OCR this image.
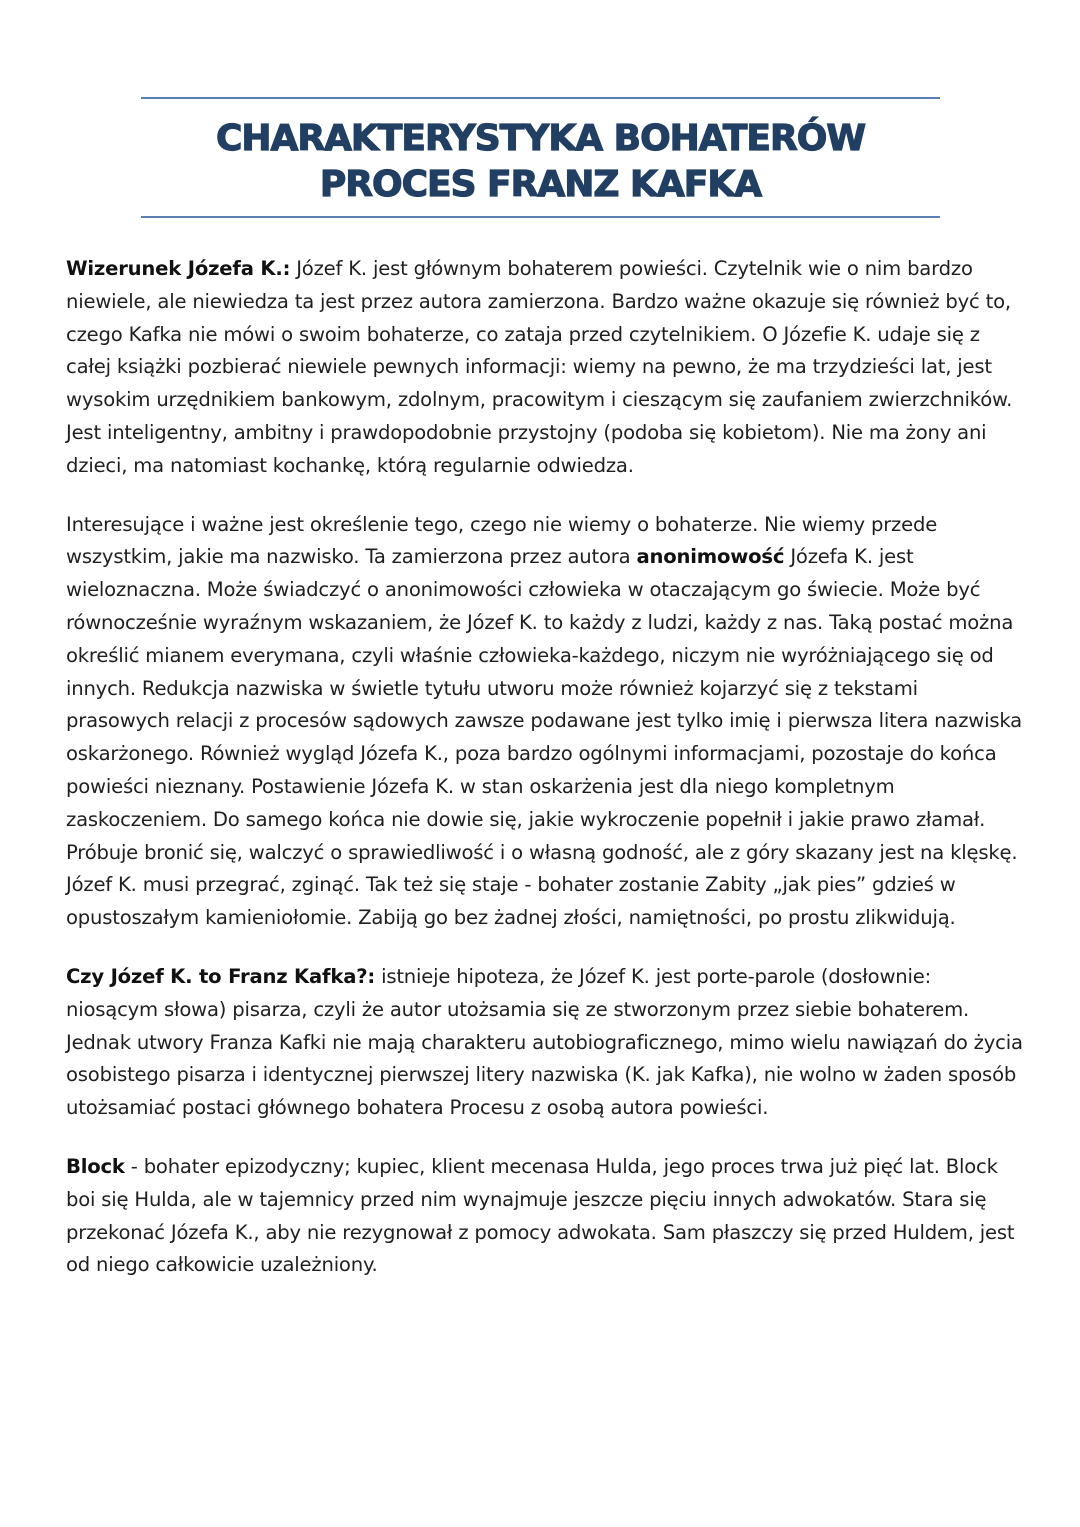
CHARAKTERYSTYKA BOHATERÓW
PROCES FRANZ KAFKA

Wizerunek Józefa K.: Józef K. jest głównym bohaterem powieści. Czytelnik wie o nim bardzo niewiele, ale niewiedza ta jest przez autora zamierzona. Bardzo ważne okazuje się również być to, czego Kafka nie mówi o swoim bohaterze, co zataja przed czytelnikiem. O Józefie K. udaje się z całej książki pozbierać niewiele pewnych informacji: wiemy na pewno, że ma trzydzieści lat, jest wysokim urzędnikiem bankowym, zdolnym, pracowitym i cieszącym się zaufaniem zwierzchników. Jest inteligentny, ambitny i prawdopodobnie przystojny (podoba się kobietom). Nie ma żony ani dzieci, ma natomiast kochankę, którą regularnie odwiedza.

Interesujące i ważne jest określenie tego, czego nie wiemy o bohaterze. Nie wiemy przede wszystkim, jakie ma nazwisko. Ta zamierzona przez autora anonimowość Józefa K. jest wieloznaczna. Może świadczyć o anonimowości człowieka w otaczającym go świecie. Może być równocześnie wyraźnym wskazaniem, że Józef K. to każdy z ludzi, każdy z nas. Taką postać można określić mianem everymana, czyli właśnie człowieka-każdego, niczym nie wyróżniającego się od innych. Redukcja nazwiska w świetle tytułu utworu może również kojarzyć się z tekstami prasowych relacji z procesów sądowych zawsze podawane jest tylko imię i pierwsza litera nazwiska oskarżonego. Również wygląd Józefa K., poza bardzo ogólnymi informacjami, pozostaje do końca powieści nieznany. Postawienie Józefa K. w stan oskarżenia jest dla niego kompletnym zaskoczeniem. Do samego końca nie dowie się, jakie wykroczenie popełnił i jakie prawo złamał. Próbuje bronić się, walczyć o sprawiedliwość i o własną godność, ale z góry skazany jest na klęskę. Józef K. musi przegrać, zginąć. Tak też się staje - bohater zostanie Zabity „jak pies” gdzieś w opustoszałym kamieniołomie. Zabiją go bez żadnej złości, namiętności, po prostu zlikwidują.

Czy Józef K. to Franz Kafka?: istnieje hipoteza, że Józef K. jest porte-parole (dosłownie: niosącym słowa) pisarza, czyli że autor utożsamia się ze stworzonym przez siebie bohaterem. Jednak utwory Franza Kafki nie mają charakteru autobiograficznego, mimo wielu nawiązań do życia osobistego pisarza i identycznej pierwszej litery nazwiska (K. jak Kafka), nie wolno w żaden sposób utożsamiać postaci głównego bohatera Procesu z osobą autora powieści.

Block - bohater epizodyczny; kupiec, klient mecenasa Hulda, jego proces trwa już pięć lat. Block boi się Hulda, ale w tajemnicy przed nim wynajmuje jeszcze pięciu innych adwokatów. Stara się przekonać Józefa K., aby nie rezygnował z pomocy adwokata. Sam płaszczy się przed Huldem, jest od niego całkowicie uzależniony.
